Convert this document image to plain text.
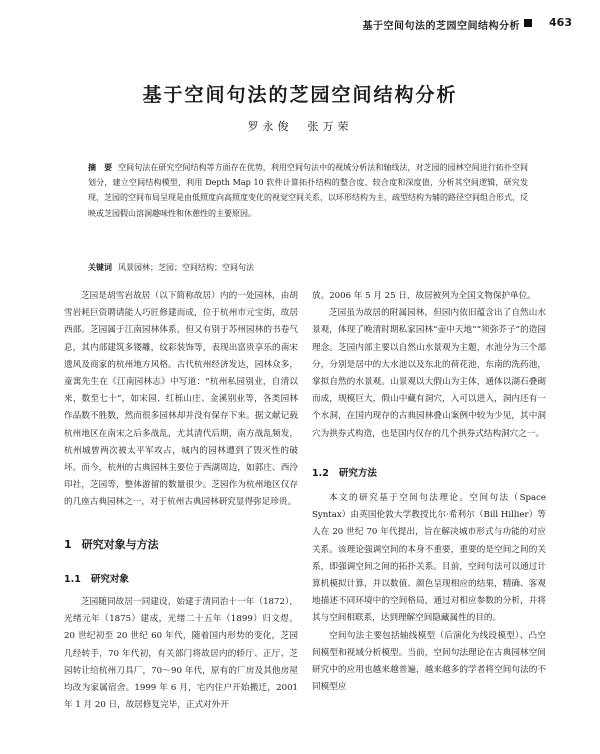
基于空间句法的芝园空间结构分析	463
基于空间句法的芝园空间结构分析
罗永俊　张万荣
摘　要 空间句法在研究空间结构等方面存在优势，利用空间句法中的视域分析法和轴线法，对芝园的园林空间进行拓扑空间划分，建立空间结构模型，利用 Depth Map 10 软件计算拓扑结构的整合度、较合度和深度值，分析其空间逻辑，研究发现，芝园的空间布局呈现是由低照度向高照度变化的视觉空间关系，以环形结构为主，疏型结构为辅的路径空间组合形式，反映或芝园假山溶洞趣味性和休憩性的主要原因。
关键词 风景园林；芝园；空间结构；空间句法

芝园是胡雪岩故居（以下简称故居）内的一处园林，由胡雪岩耗巨资聘请能人巧匠修建而成，位于杭州市元宝街，故居西部。芝园属于江南园林体系，但又有别于苏州园林的书卷气息，其内部建筑多镂雕，纹彩装饰等，表现出富贵享乐的南宋遗风及商家的杭州地方风格。古代杭州经济发达，园林众多，童寓先生在《江南园林志》中写道：“杭州私园别业，自清以来，数至七十”，如宋园、红栎山庄、金溪别业等，各类园林作品数不胜数，然而很多园林却并没有保存下来。据文献记载杭州地区在南宋之后多战乱，尤其清代后期，南方战乱频发，杭州城曾两次被太平军攻占，城内的园林遭到了毁灭性的破坏。而今，杭州的古典园林主要位于西湖周边，如郭庄、西泠印社，芝园等，整体游留的数量很少。芝园作为杭州地区仅存的几座古典园林之一，对于杭州古典园林研究显得弥足珍贵。

1 研究对象与方法
1.1 研究对象

芝园随同故居一同建设，始建于清同治十一年（1872），光绪元年（1875）建成，光绪二十五年（1899）归文煜。20 世纪初至 20 世纪 60 年代，随着国内形势的变化，芝园几经转手，70 年代初，有关部门将故居内的轿厅、正厅、芝园转让给杭州刀具厂，70～90 年代，原有的厂房及其他房屋均改为家属宿舍。1999 年 6 月，宅内住户开始搬迁，2001 年 1 月 20 日，故居修复完毕，正式对外开

放。2006 年 5 月 25 日，故居被列为全国文物保护单位。

芝园虽为故居的附属园林，但园内依旧蕴含出了自然山水景观，体现了晚清时期私家园林“壶中天地”“须弥芥子”的造园理念。芝园内部主要以自然山水景观为主题，水池分为三个部分，分别是居中的大水池以及东北的荷花池，东南的洗药池，掌拟自然的水景观。山景观以大假山为主体，通体以湖石叠砌而成，规模巨大，假山中藏有洞穴，入可以进入，洞内还有一个水洞，在国内现存的古典园林叠山案例中较为少见，其中洞穴为拱券式构造，也是国内仅存的几个拱券式结构洞穴之一。

1.2 研究方法

本文的研究基于空间句法理论。空间句法（Space Syntax）由英国伦敦大学教授比尔·希利尔（Bill Hillier）等人在 20 世纪 70 年代提出，旨在解决城市形式与功能的对应关系。该理论强调空间的本身不重要，重要的是空间之间的关系，即强调空间之间的拓扑关系。目前，空间句法可以通过计算机模拟计算，并以数值、颜色呈现相应的结果，精确、客观地描述不同环境中的空间格局，通过对相应参数的分析，并将其与空间相联系，达到理解空间隐藏属性的目的。

空间句法主要包括轴线模型（后演化为线段模型）、凸空间模型和视域分析模型。当前，空间句法理论在古典园林空间研究中的应用也越来越普遍，越来越多的学者将空间句法的不同模型应
